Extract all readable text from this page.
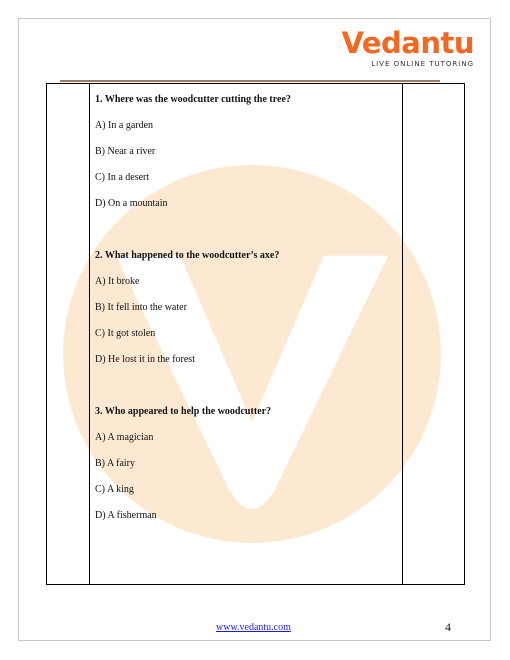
Vedantu
LIVE ONLINE TUTORING

1. Where was the woodcutter cutting the tree?

A) In a garden

B) Near a river

C) In a desert

D) On a mountain

2. What happened to the woodcutter’s axe?

A) It broke

B) It fell into the water

C) It got stolen

D) He lost it in the forest

3. Who appeared to help the woodcutter?

A) A magician

B) A fairy

C) A king

D) A fisherman

www.vedantu.com	4
